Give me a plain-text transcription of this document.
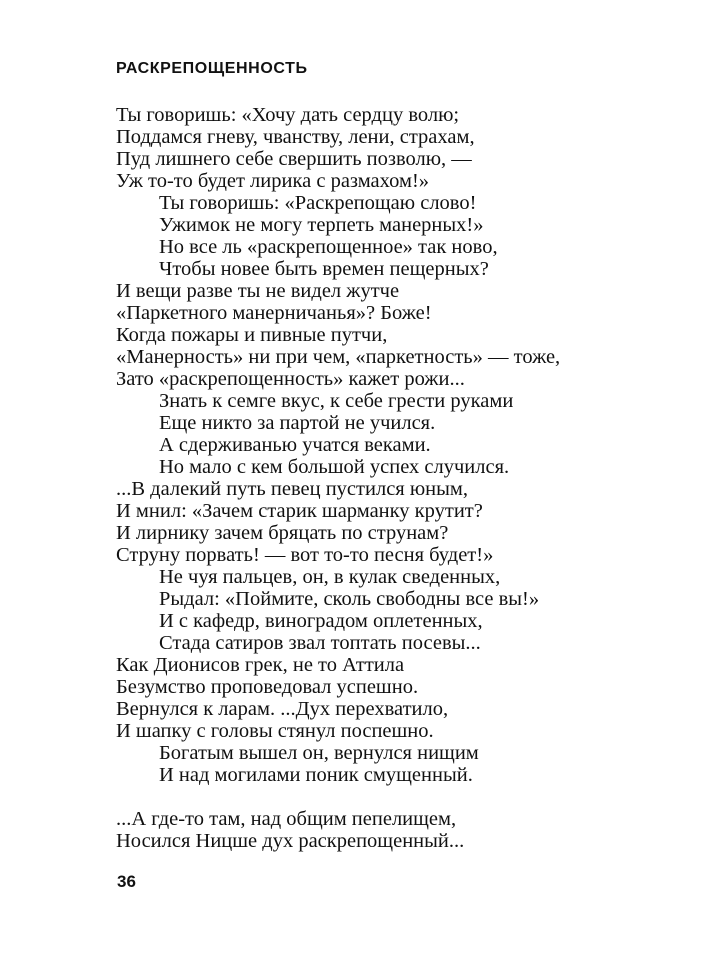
РАСКРЕПОЩЕННОСТЬ
Ты говоришь: «Хочу дать сердцу волю;
Поддамся гневу, чванству, лени, страхам,
Пуд лишнего себе свершить позволю, —
Уж то-то будет лирика с размахом!»
Ты говоришь: «Раскрепощаю слово!
Ужимок не могу терпеть манерных!»
Но все ль «раскрепощенное» так ново,
Чтобы новее быть времен пещерных?
И вещи разве ты не видел жутче
«Паркетного манерничанья»? Боже!
Когда пожары и пивные путчи,
«Манерность» ни при чем, «паркетность» — тоже,
Зато «раскрепощенность» кажет рожи...
Знать к семге вкус, к себе грести руками
Еще никто за партой не учился.
А сдерживанью учатся веками.
Но мало с кем большой успех случился.
...В далекий путь певец пустился юным,
И мнил: «Зачем старик шарманку крутит?
И лирнику зачем бряцать по струнам?
Струну порвать! — вот то-то песня будет!»
Не чуя пальцев, он, в кулак сведенных,
Рыдал: «Поймите, сколь свободны все вы!»
И с кафедр, виноградом оплетенных,
Стада сатиров звал топтать посевы...
Как Дионисов грек, не то Аттила
Безумство проповедовал успешно.
Вернулся к ларам. ...Дух перехватило,
И шапку с головы стянул поспешно.
Богатым вышел он, вернулся нищим
И над могилами поник смущенный.
...А где-то там, над общим пепелищем,
Носился Ницше дух раскрепощенный...
36
